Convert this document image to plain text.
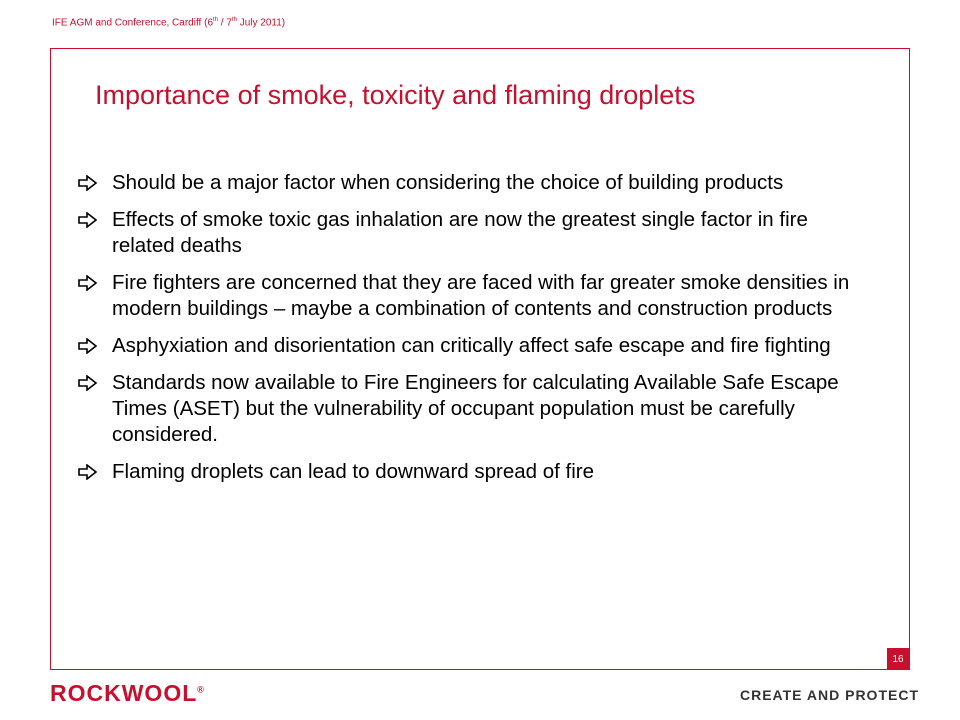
IFE AGM and Conference, Cardiff (6th / 7th July 2011)
Importance of smoke, toxicity and flaming droplets
Should be a major factor when considering the choice of building products
Effects of smoke toxic gas inhalation are now the greatest single factor in fire related deaths
Fire fighters are concerned that they are faced with far greater smoke densities in modern buildings – maybe a combination of contents and construction products
Asphyxiation and disorientation can critically affect safe escape and fire fighting
Standards now available to Fire Engineers for calculating Available Safe Escape Times (ASET) but the vulnerability of occupant population must be carefully considered.
Flaming droplets can lead to downward spread of fire
16
ROCKWOOL®	CREATE AND PROTECT
